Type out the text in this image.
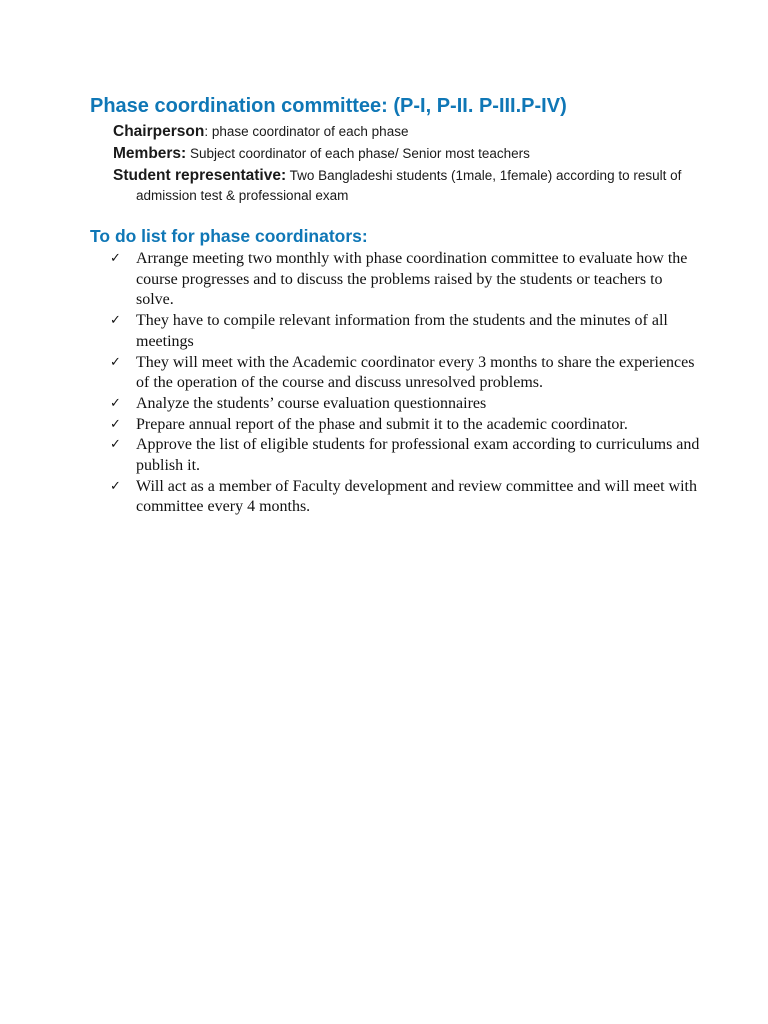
Phase coordination committee: (P-I, P-II. P-III.P-IV)

Chairperson: phase coordinator of each phase

Members: Subject coordinator of each phase/ Senior most teachers

Student representative: Two Bangladeshi students (1male, 1female) according to result of admission test & professional exam

To do list for phase coordinators:
✓ Arrange meeting two monthly with phase coordination committee to evaluate how the course progresses and to discuss the problems raised by the students or teachers to solve.
✓ They have to compile relevant information from the students and the minutes of all meetings
✓ They will meet with the Academic coordinator every 3 months to share the experiences of the operation of the course and discuss unresolved problems.
✓ Analyze the students’ course evaluation questionnaires
✓ Prepare annual report of the phase and submit it to the academic coordinator.
✓ Approve the list of eligible students for professional exam according to curriculums and publish it.
✓ Will act as a member of Faculty development and review committee and will meet with committee every 4 months.
